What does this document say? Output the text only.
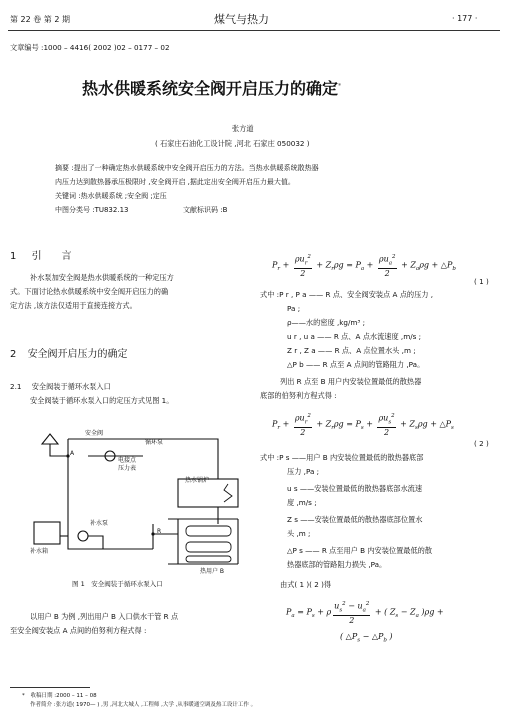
第 22 卷 第 2 期	煤气与热力	· 177 ·
文章编号 :1000 – 4416( 2002 )02 – 0177 – 02
热水供暖系统安全阀开启压力的确定*
张方道
( 石家庄石油化工设计院 ,河北 石家庄 050032 )
摘要 :提出了一种确定热水供暖系统中安全阀开启压力的方法。当热水供暖系统散热器
内压力达到散热器承压极限时 ,安全阀开启 ,据此定出安全阀开启压力最大值。
关键词 :热水供暖系统 ;安全阀 ;定压
中图分类号 :TU832.13	文献标识码 :B
1 引　　言
补水泵加安全阀是热水供暖系统的一种定压方
式。下面讨论热水供暖系统中安全阀开启压力的确
定方法 ,该方法仅适用于直接连接方式。
2 安全阀开启压力的确定
2.1 安全阀装于循环水泵入口
安全阀装于循环水泵入口的定压方式见图 1。
安全阀
循环泵
电接点
压力表
热水锅炉
补水泵
补水箱
热用户 B
A
R
图 1　安全阀装于循环水泵入口
以用户 B 为例 ,列出用户 B 入口供水干管 R 点
至安全阀安装点 A 点间的伯努利方程式得 :
$P_r + \frac{\rho u_r^2}{2} + Z_r\rho g = P_a + \frac{\rho u_a^2}{2} + Z_a\rho g$ + $\triangle P_b$
( 1 )
式中 :P r , P a —— R 点、安全阀安装点 A 点的压力 ,
Pa ;
ρ——水的密度 ,kg/m³ ;
u r , u a —— R 点、A 点水流速度 ,m/s ;
Z r , Z a —— R 点、A 点位置水头 ,m ;
△P b —— R 点至 A 点间的管路阻力 ,Pa。
列出 R 点至 B 用户内安装位置最低的散热器
底部的伯努利方程式得 :
$P_r + \frac{\rho u_r^2}{2} + Z_r\rho g = P_s + \frac{\rho u_s^2}{2} + Z_s\rho g$ + $\triangle P_s$
( 2 )
式中 :P s ——用户 B 内安装位置最低的散热器底部
压力 ,Pa ;
u s ——安装位置最低的散热器底部水流速
度 ,m/s ;
Z s ——安装位置最低的散热器底部位置水
头 ,m ;
△P s —— R 点至用户 B 内安装位置最低的散
热器底部的管路阻力损失 ,Pa。
由式( 1 )( 2 )得
$P_a = P_s + \rho \frac{u_s^2 - u_a^2}{2}$ + ( $Z_s - Z_a$ )ρg +
( $\triangle P_s$ − $\triangle P_b$ )
* 收稿日期 :2000 – 11 – 08
作者简介 :张方道( 1970— ) ,男 ,河北大城人 ,工程师 ,大学 ,从事暖通空调及热工设计工作 。
